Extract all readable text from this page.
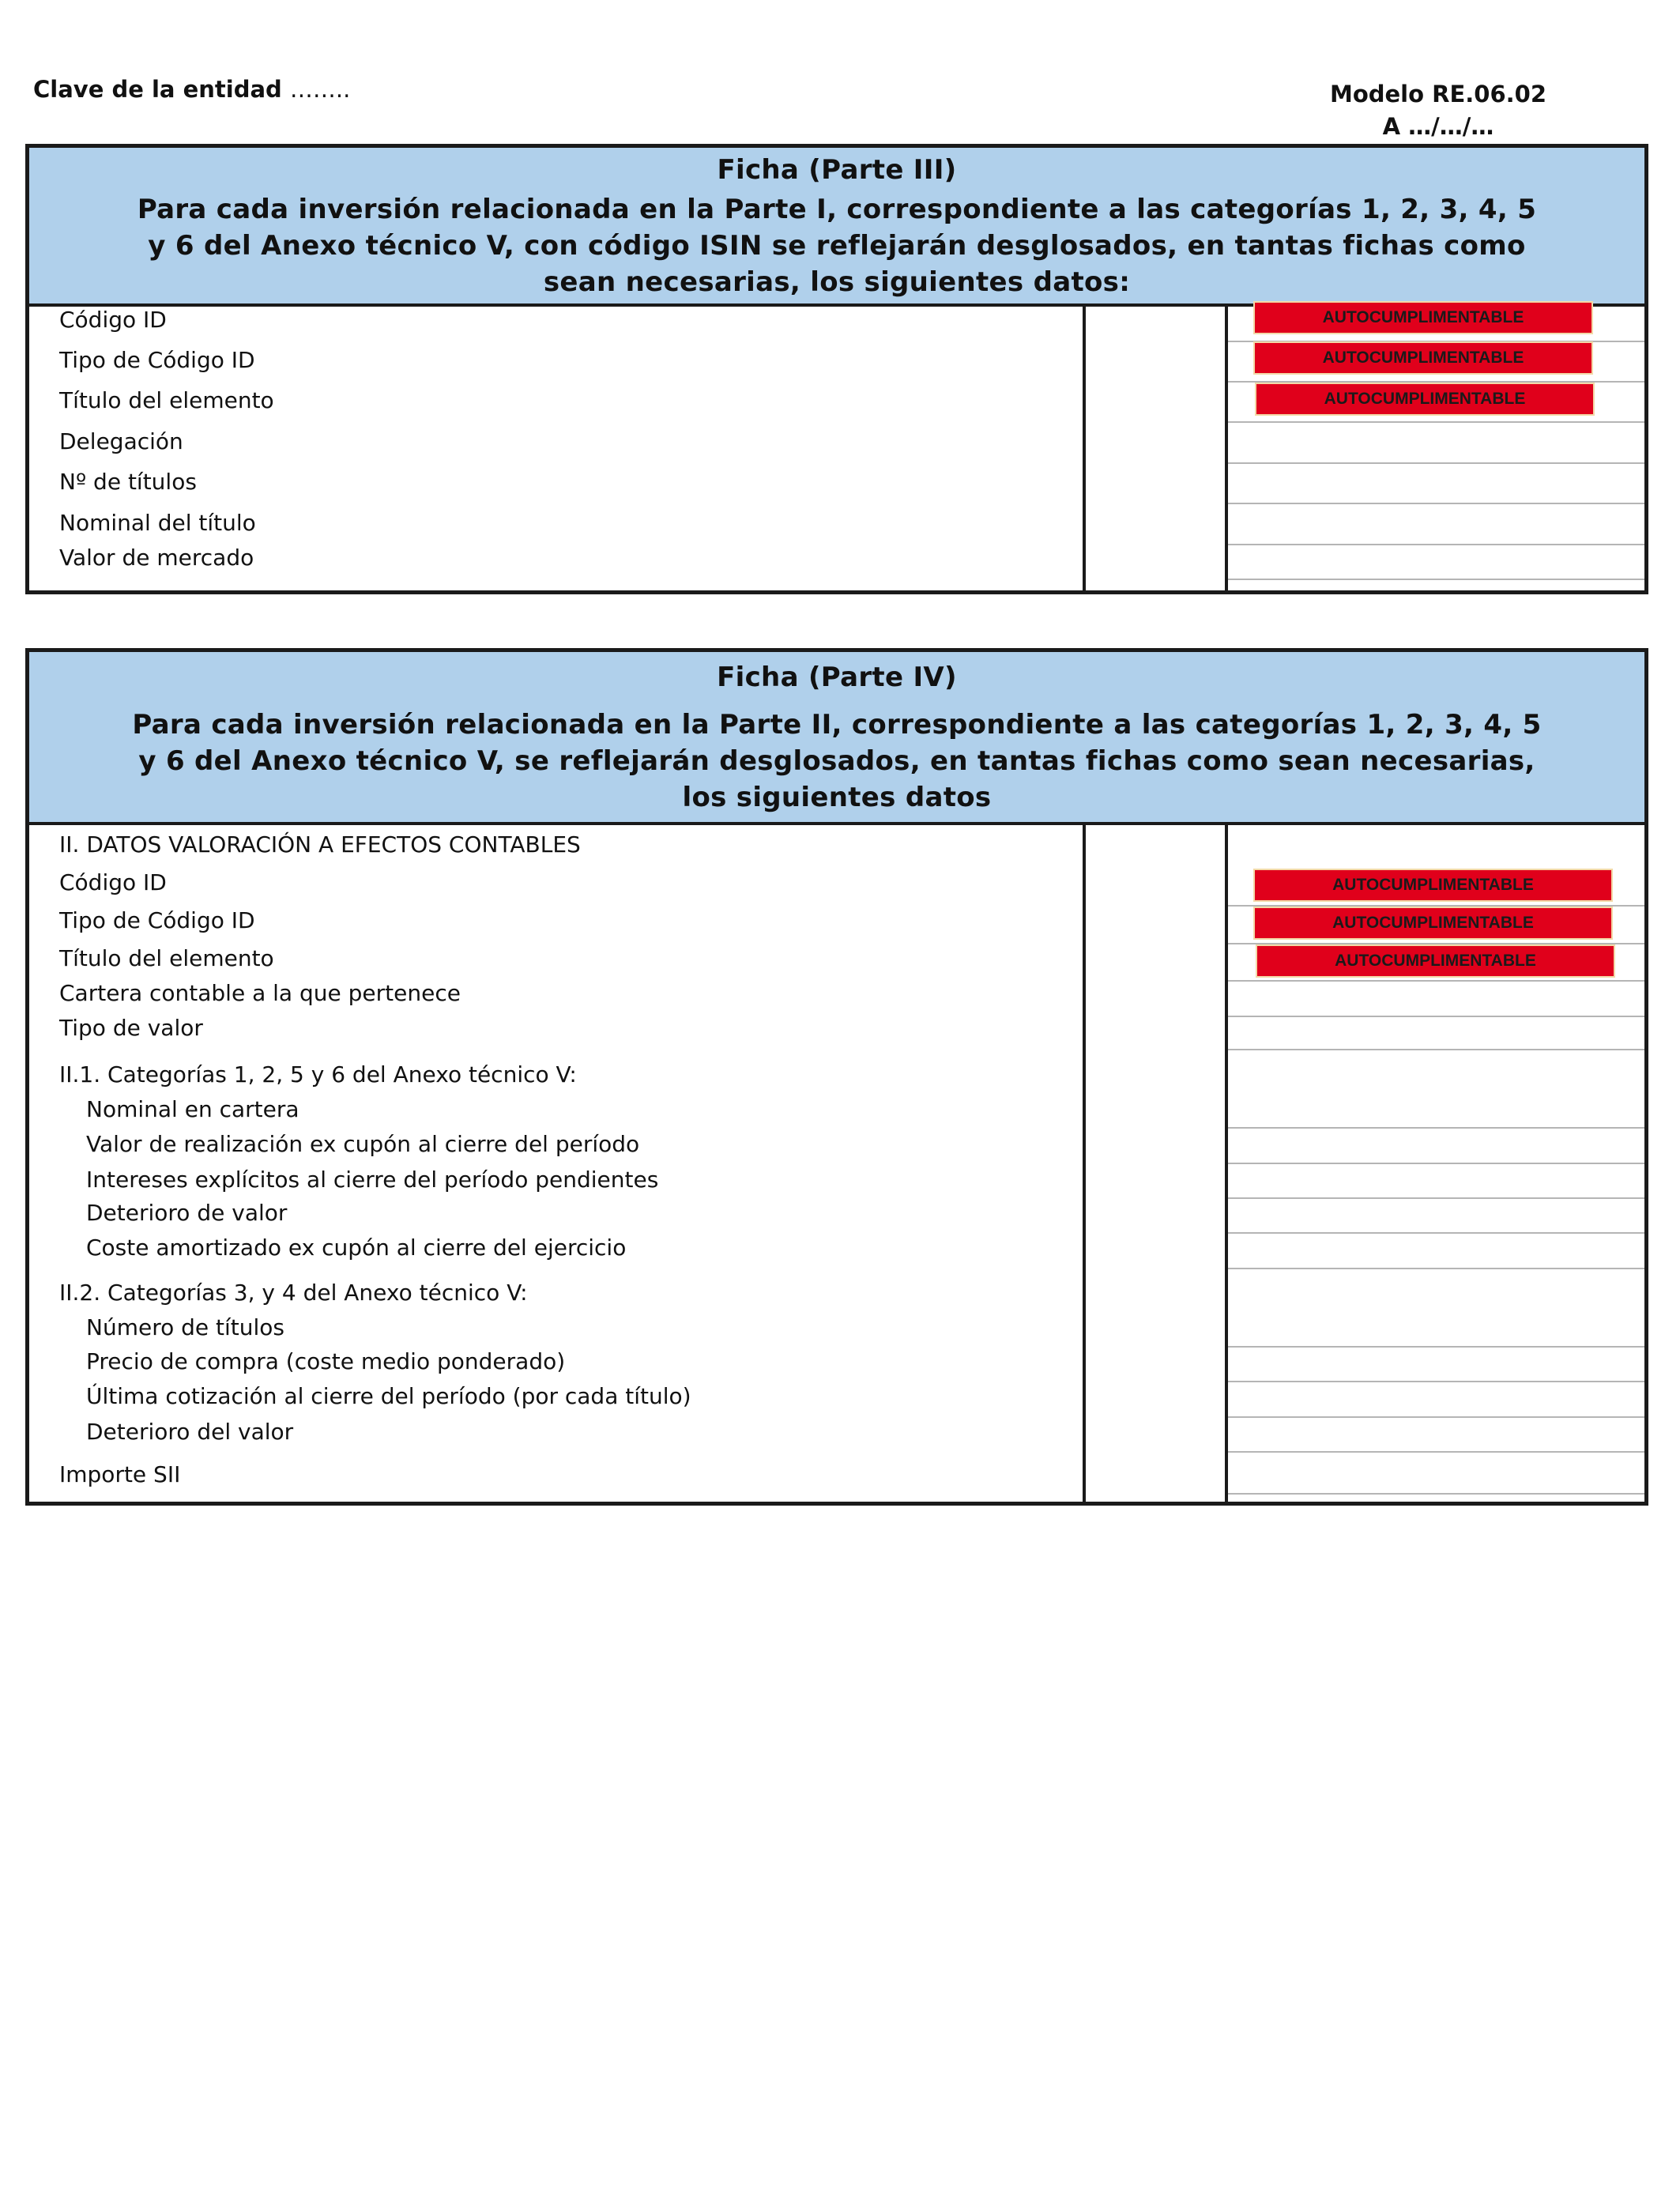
Clave de la entidad ……..	Modelo RE.06.02
A …/…/…
Ficha (Parte III)
Para cada inversión relacionada en la Parte I, correspondiente a las categorías 1, 2, 3, 4, 5
y 6 del Anexo técnico V, con código ISIN se reflejarán desglosados, en tantas fichas como
sean necesarias, los siguientes datos:
Código ID
Tipo de Código ID
Título del elemento
Delegación
Nº de títulos
Nominal del título
Valor de mercado
AUTOCUMPLIMENTABLE
AUTOCUMPLIMENTABLE
AUTOCUMPLIMENTABLE
Ficha (Parte IV)
Para cada inversión relacionada en la Parte II, correspondiente a las categorías 1, 2, 3, 4, 5
y 6 del Anexo técnico V, se reflejarán desglosados, en tantas fichas como sean necesarias,
los siguientes datos
II. DATOS VALORACIÓN A EFECTOS CONTABLES
Código ID
Tipo de Código ID
Título del elemento
Cartera contable a la que pertenece
Tipo de valor
II.1. Categorías 1, 2, 5 y 6 del Anexo técnico V:
Nominal en cartera
Valor de realización ex cupón al cierre del período
Intereses explícitos al cierre del período pendientes
Deterioro de valor
Coste amortizado ex cupón al cierre del ejercicio
II.2. Categorías 3, y 4 del Anexo técnico V:
Número de títulos
Precio de compra (coste medio ponderado)
Última cotización al cierre del período (por cada título)
Deterioro del valor
Importe SII
AUTOCUMPLIMENTABLE
AUTOCUMPLIMENTABLE
AUTOCUMPLIMENTABLE
